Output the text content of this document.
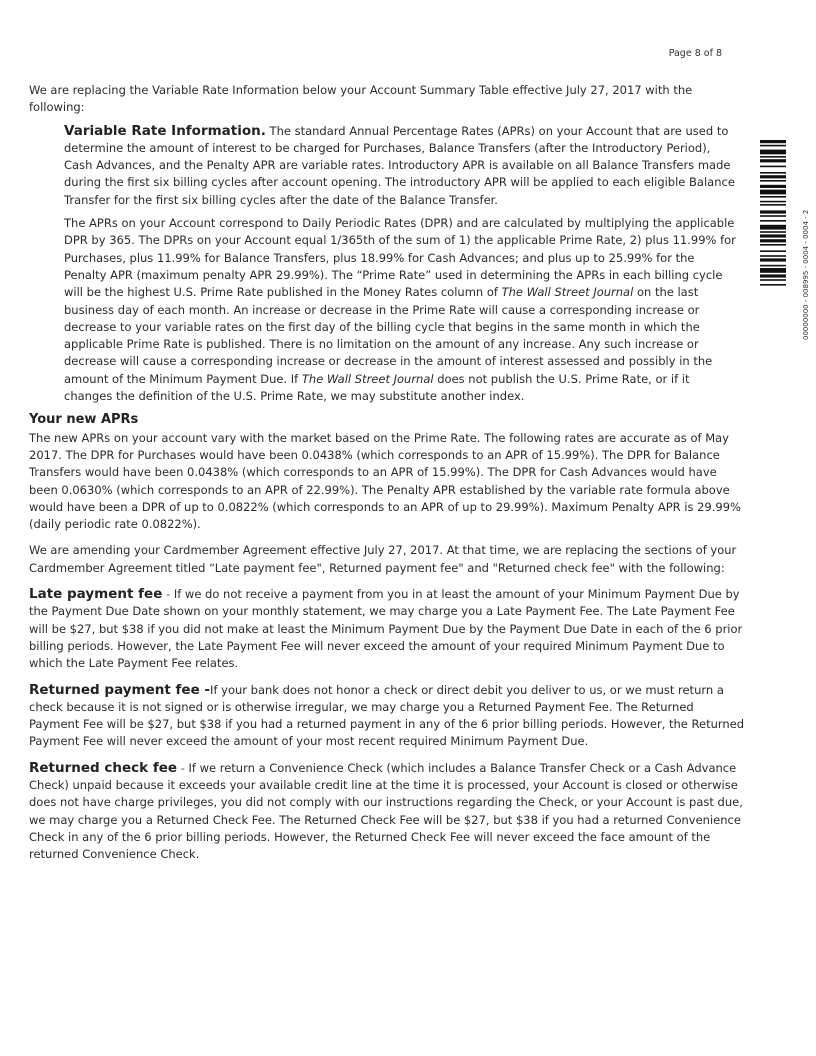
Page 8 of 8
00000000 - 008995 - 0004 - 0004 - 2

We are replacing the Variable Rate Information below your Account Summary Table effective July 27, 2017 with the following:

Variable Rate Information. The standard Annual Percentage Rates (APRs) on your Account that are used to determine the amount of interest to be charged for Purchases, Balance Transfers (after the Introductory Period), Cash Advances, and the Penalty APR are variable rates. Introductory APR is available on all Balance Transfers made during the first six billing cycles after account opening. The introductory APR will be applied to each eligible Balance Transfer for the first six billing cycles after the date of the Balance Transfer.

The APRs on your Account correspond to Daily Periodic Rates (DPR) and are calculated by multiplying the applicable DPR by 365. The DPRs on your Account equal 1/365th of the sum of 1) the applicable Prime Rate, 2) plus 11.99% for Purchases, plus 11.99% for Balance Transfers, plus 18.99% for Cash Advances; and plus up to 25.99% for the Penalty APR (maximum penalty APR 29.99%). The “Prime Rate” used in determining the APRs in each billing cycle will be the highest U.S. Prime Rate published in the Money Rates column of The Wall Street Journal on the last business day of each month. An increase or decrease in the Prime Rate will cause a corresponding increase or decrease to your variable rates on the first day of the billing cycle that begins in the same month in which the applicable Prime Rate is published. There is no limitation on the amount of any increase. Any such increase or decrease will cause a corresponding increase or decrease in the amount of interest assessed and possibly in the amount of the Minimum Payment Due. If The Wall Street Journal does not publish the U.S. Prime Rate, or if it changes the definition of the U.S. Prime Rate, we may substitute another index.

Your new APRs

The new APRs on your account vary with the market based on the Prime Rate. The following rates are accurate as of May 2017. The DPR for Purchases would have been 0.0438% (which corresponds to an APR of 15.99%). The DPR for Balance Transfers would have been 0.0438% (which corresponds to an APR of 15.99%). The DPR for Cash Advances would have been 0.0630% (which corresponds to an APR of 22.99%). The Penalty APR established by the variable rate formula above would have been a DPR of up to 0.0822% (which corresponds to an APR of up to 29.99%). Maximum Penalty APR is 29.99% (daily periodic rate 0.0822%).

We are amending your Cardmember Agreement effective July 27, 2017. At that time, we are replacing the sections of your Cardmember Agreement titled “Late payment fee", Returned payment fee" and "Returned check fee" with the following:

Late payment fee - If we do not receive a payment from you in at least the amount of your Minimum Payment Due by the Payment Due Date shown on your monthly statement, we may charge you a Late Payment Fee. The Late Payment Fee will be $27, but $38 if you did not make at least the Minimum Payment Due by the Payment Due Date in each of the 6 prior billing periods. However, the Late Payment Fee will never exceed the amount of your required Minimum Payment Due to which the Late Payment Fee relates.

Returned payment fee -If your bank does not honor a check or direct debit you deliver to us, or we must return a check because it is not signed or is otherwise irregular, we may charge you a Returned Payment Fee. The Returned Payment Fee will be $27, but $38 if you had a returned payment in any of the 6 prior billing periods. However, the Returned Payment Fee will never exceed the amount of your most recent required Minimum Payment Due.

Returned check fee - If we return a Convenience Check (which includes a Balance Transfer Check or a Cash Advance Check) unpaid because it exceeds your available credit line at the time it is processed, your Account is closed or otherwise does not have charge privileges, you did not comply with our instructions regarding the Check, or your Account is past due, we may charge you a Returned Check Fee. The Returned Check Fee will be $27, but $38 if you had a returned Convenience Check in any of the 6 prior billing periods. However, the Returned Check Fee will never exceed the face amount of the returned Convenience Check.
